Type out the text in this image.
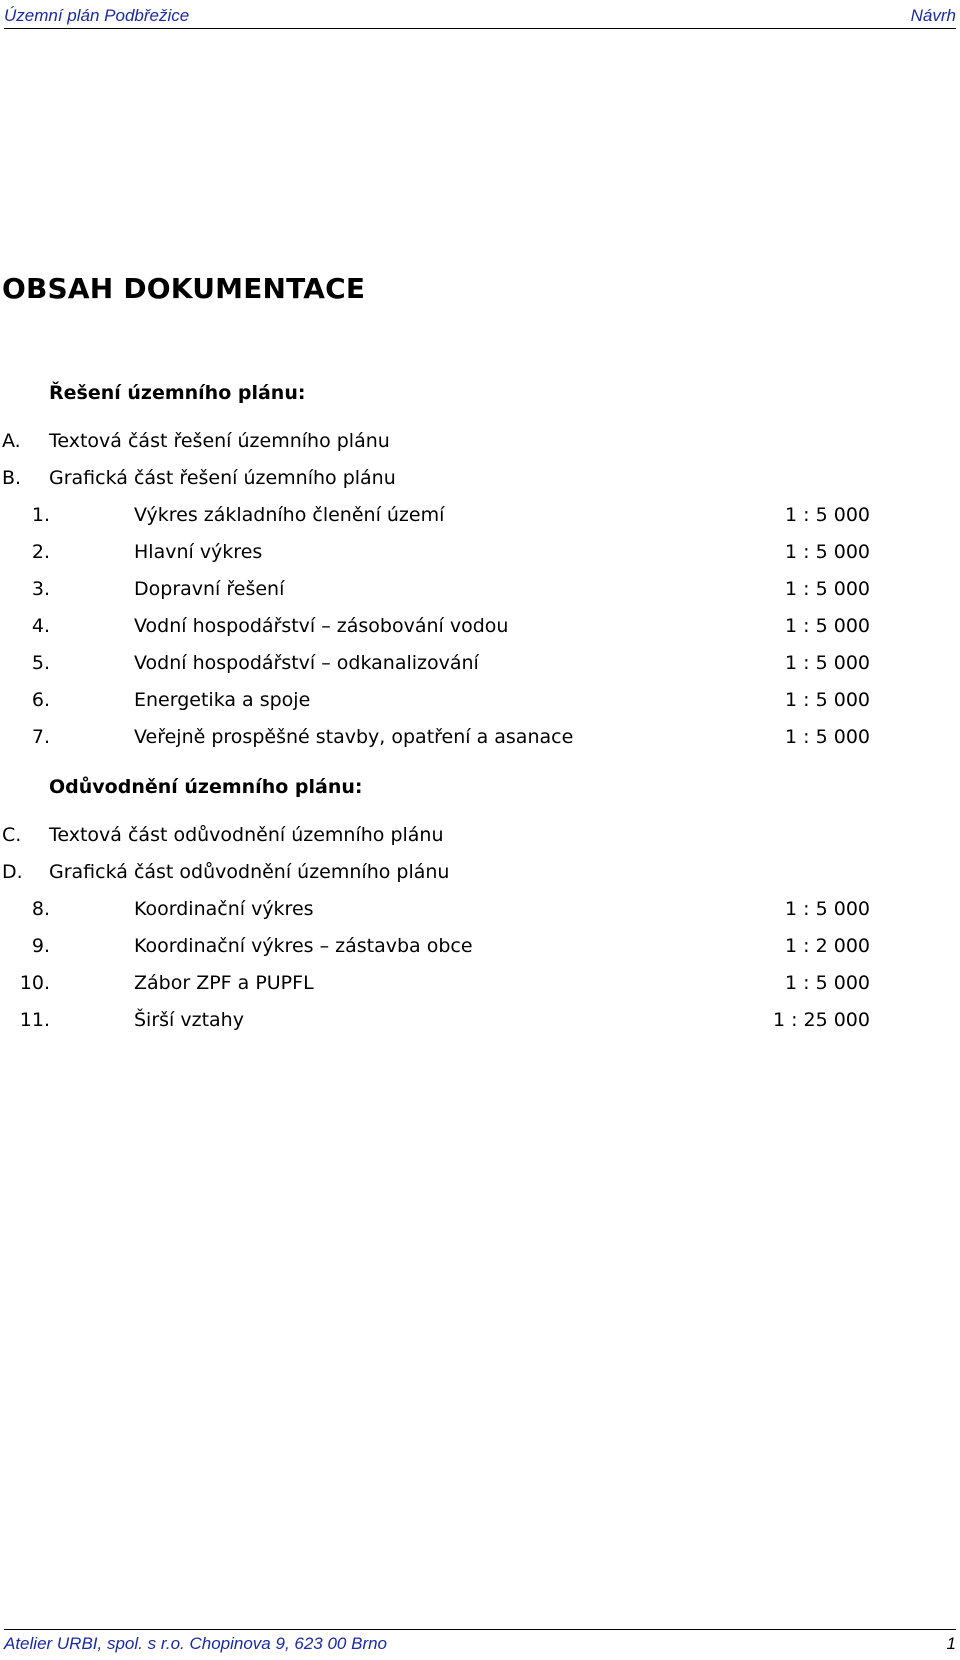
Územní plán Podbřežice	Návrh
OBSAH DOKUMENTACE
Řešení územního plánu:
A. Textová část řešení územního plánu
B. Grafická část řešení územního plánu
1.	Výkres základního členění území	1 : 5 000
2.	Hlavní výkres	1 : 5 000
3.	Dopravní řešení	1 : 5 000
4.	Vodní hospodářství – zásobování vodou	1 : 5 000
5.	Vodní hospodářství – odkanalizování	1 : 5 000
6.	Energetika a spoje	1 : 5 000
7.	Veřejně prospěšné stavby, opatření a asanace	1 : 5 000
Odůvodnění územního plánu:
C. Textová část odůvodnění územního plánu
D. Grafická část odůvodnění územního plánu
8.	Koordinační výkres	1 : 5 000
9.	Koordinační výkres – zástavba obce	1 : 2 000
10.	Zábor ZPF a PUPFL	1 : 5 000
11.	Širší vztahy	1 : 25 000
Atelier URBI, spol. s r.o. Chopinova 9, 623 00 Brno	1
